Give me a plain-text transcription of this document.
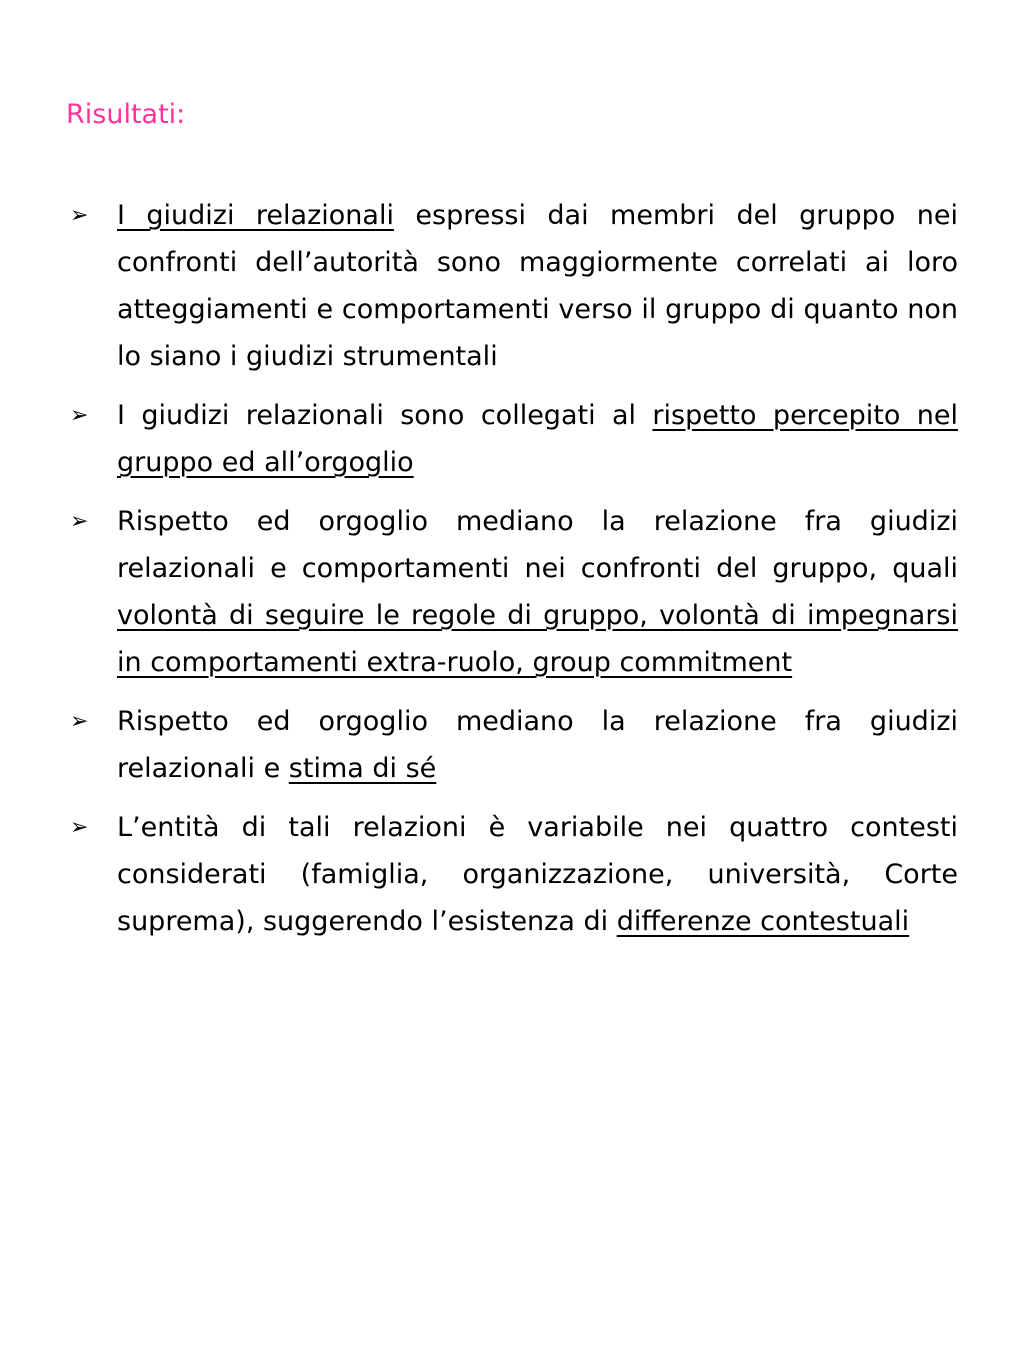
Risultati:
➢ I giudizi relazionali espressi dai membri del gruppo nei confronti dell’autorità sono maggiormente correlati ai loro atteggiamenti e comportamenti verso il gruppo di quanto non lo siano i giudizi strumentali
➢ I giudizi relazionali sono collegati al rispetto percepito nel gruppo ed all’orgoglio
➢ Rispetto ed orgoglio mediano la relazione fra giudizi relazionali e comportamenti nei confronti del gruppo, quali volontà di seguire le regole di gruppo, volontà di impegnarsi in comportamenti extra-ruolo, group commitment
➢ Rispetto ed orgoglio mediano la relazione fra giudizi relazionali e stima di sé
➢ L’entità di tali relazioni è variabile nei quattro contesti considerati (famiglia, organizzazione, università, Corte suprema), suggerendo l’esistenza di differenze contestuali
